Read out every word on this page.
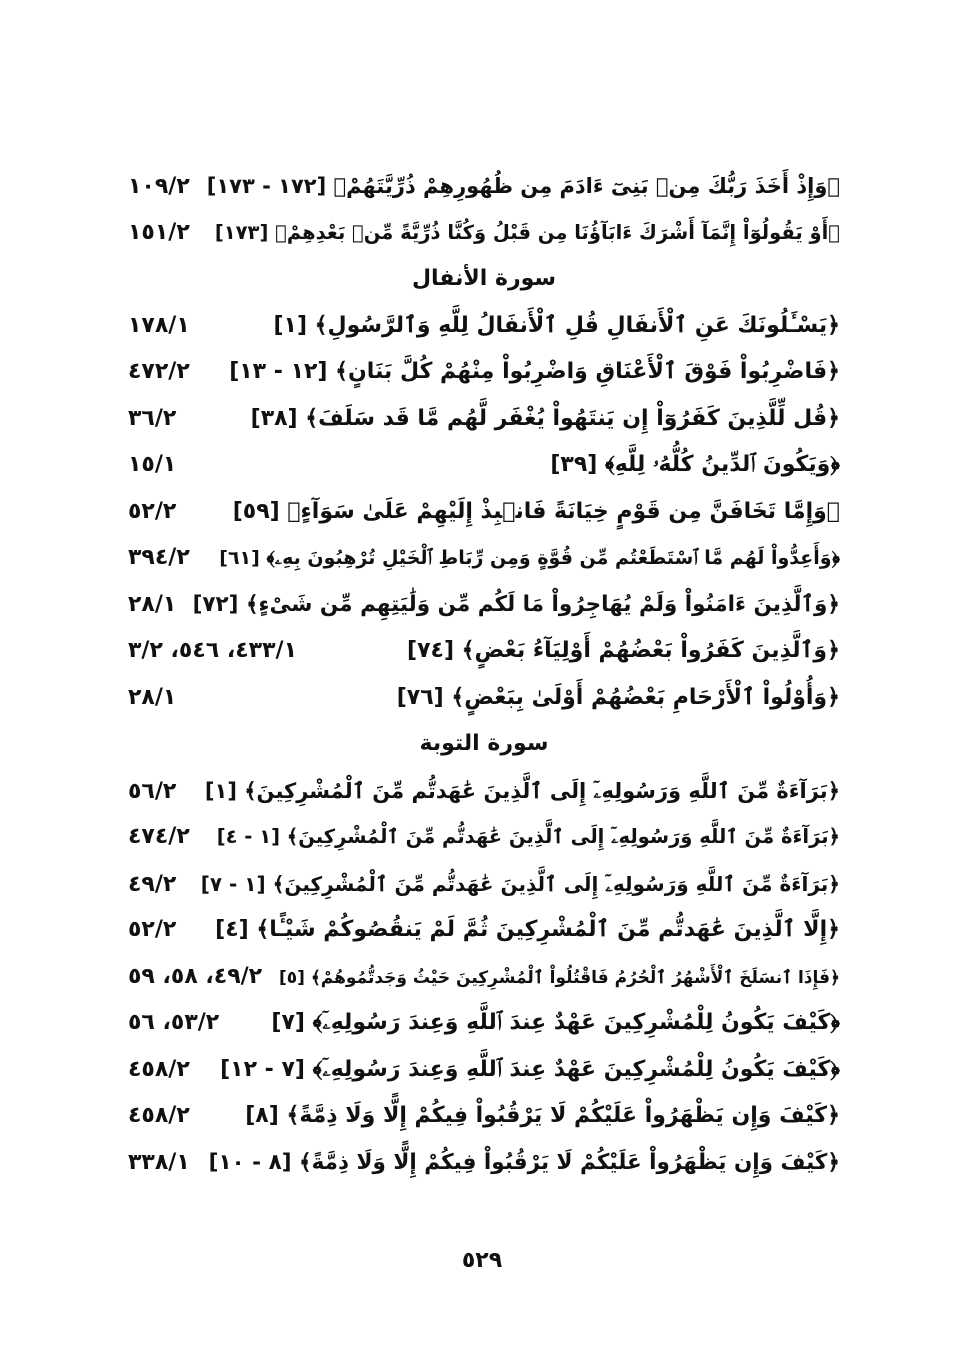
﴿وَإِذْ أَخَذَ رَبُّكَ مِنۢ بَنِىٓ ءَادَمَ مِن ظُهُورِهِمْ ذُرِّيَّتَهُمْ﴾ [١٧٢ - ١٧٣]
١٠٩/٢
﴿أَوْ يَقُولُوٓاْ إِنَّمَآ أَشْرَكَ ءَابَآؤُنَا مِن قَبْلُ وَكُنَّا ذُرِّيَّةً مِّنۢ بَعْدِهِمْ﴾ [١٧٣]
١٥١/٢
سورة الأنفال
﴿يَسْـَٔلُونَكَ عَنِ ٱلْأَنفَالِ قُلِ ٱلْأَنفَالُ لِلَّهِ وَٱلرَّسُولِ﴾ [١]
١٧٨/١
﴿فَاضْرِبُواْ فَوْقَ ٱلْأَعْنَاقِ وَاضْرِبُواْ مِنْهُمْ كُلَّ بَنَانٍ﴾ [١٢ - ١٣]
٤٧٢/٢
﴿قُل لِّلَّذِينَ كَفَرُوٓاْ إِن يَنتَهُواْ يُغْفَر لَّهُم مَّا قَد سَلَفَ﴾ [٣٨]
٣٦/٢
﴿وَيَكُونَ ٱلدِّينُ كُلُّهُۥ لِلَّهِ﴾ [٣٩]
١٥/١
﴿وَإِمَّا تَخَافَنَّ مِن قَوْمٍ خِيَانَةً فَانۢبِذْ إِلَيْهِمْ عَلَىٰ سَوَآءٍ﴾ [٥٩]
٥٢/٢
﴿وَأَعِدُّواْ لَهُم مَّا ٱسْتَطَعْتُم مِّن قُوَّةٍ وَمِن رِّبَاطِ ٱلْخَيْلِ تُرْهِبُونَ بِهِۦ﴾ [٦١]
٣٩٤/٢
﴿وَٱلَّذِينَ ءَامَنُواْ وَلَمْ يُهَاجِرُواْ مَا لَكُم مِّن وَلَٰيَتِهِم مِّن شَىْءٍ﴾ [٧٢]
٢٨/١
﴿وَٱلَّذِينَ كَفَرُواْ بَعْضُهُمْ أَوْلِيَآءُ بَعْضٍ﴾ [٧٤]
٤٣٣/١، ٥٤٦، ٣/٢
﴿وَأُوْلُواْ ٱلْأَرْحَامِ بَعْضُهُمْ أَوْلَىٰ بِبَعْضٍ﴾ [٧٦]
٢٨/١
سورة التوبة
﴿بَرَآءَةٌ مِّنَ ٱللَّهِ وَرَسُولِهِۦٓ إِلَى ٱلَّذِينَ عَٰهَدتُّم مِّنَ ٱلْمُشْرِكِينَ﴾ [١]
٥٦/٢
﴿بَرَآءَةٌ مِّنَ ٱللَّهِ وَرَسُولِهِۦٓ إِلَى ٱلَّذِينَ عَٰهَدتُّم مِّنَ ٱلْمُشْرِكِينَ﴾ [١ - ٤]
٤٧٤/٢
﴿بَرَآءَةٌ مِّنَ ٱللَّهِ وَرَسُولِهِۦٓ إِلَى ٱلَّذِينَ عَٰهَدتُّم مِّنَ ٱلْمُشْرِكِينَ﴾ [١ - ٧]
٤٩/٢
﴿إِلَّا ٱلَّذِينَ عَٰهَدتُّم مِّنَ ٱلْمُشْرِكِينَ ثُمَّ لَمْ يَنقُصُوكُمْ شَيْـًٔا﴾ [٤]
٥٢/٢
﴿فَإِذَا ٱنسَلَخَ ٱلْأَشْهُرُ ٱلْحُرُمُ فَاقْتُلُواْ ٱلْمُشْرِكِينَ حَيْثُ وَجَدتُّمُوهُمْ﴾ [٥]
٤٩/٢، ٥٨، ٥٩
﴿كَيْفَ يَكُونُ لِلْمُشْرِكِينَ عَهْدٌ عِندَ ٱللَّهِ وَعِندَ رَسُولِهِۦٓ﴾ [٧]
٥٣/٢، ٥٦
﴿كَيْفَ يَكُونُ لِلْمُشْرِكِينَ عَهْدٌ عِندَ ٱللَّهِ وَعِندَ رَسُولِهِۦٓ﴾ [٧ - ١٢]
٤٥٨/٢
﴿كَيْفَ وَإِن يَظْهَرُواْ عَلَيْكُمْ لَا يَرْقُبُواْ فِيكُمْ إِلًّا وَلَا ذِمَّةً﴾ [٨]
٤٥٨/٢
﴿كَيْفَ وَإِن يَظْهَرُواْ عَلَيْكُمْ لَا يَرْقُبُواْ فِيكُمْ إِلًّا وَلَا ذِمَّةً﴾ [٨ - ١٠]
٣٣٨/١
٥٢٩
